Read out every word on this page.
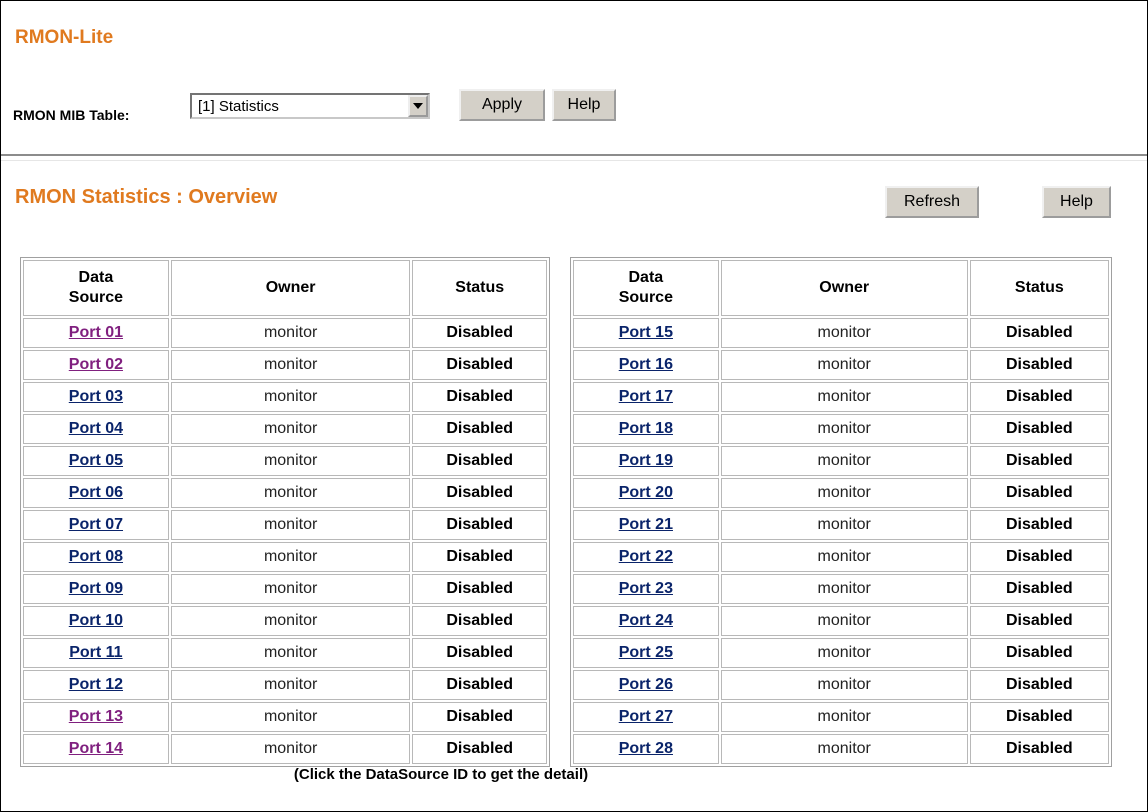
RMON-Lite
RMON MIB Table:	[1] Statistics	Apply	Help
RMON Statistics : Overview	Refresh	Help
Data Source	Owner	Status
Port 01	monitor	Disabled
Port 02	monitor	Disabled
Port 03	monitor	Disabled
Port 04	monitor	Disabled
Port 05	monitor	Disabled
Port 06	monitor	Disabled
Port 07	monitor	Disabled
Port 08	monitor	Disabled
Port 09	monitor	Disabled
Port 10	monitor	Disabled
Port 11	monitor	Disabled
Port 12	monitor	Disabled
Port 13	monitor	Disabled
Port 14	monitor	Disabled
Data Source	Owner	Status
Port 15	monitor	Disabled
Port 16	monitor	Disabled
Port 17	monitor	Disabled
Port 18	monitor	Disabled
Port 19	monitor	Disabled
Port 20	monitor	Disabled
Port 21	monitor	Disabled
Port 22	monitor	Disabled
Port 23	monitor	Disabled
Port 24	monitor	Disabled
Port 25	monitor	Disabled
Port 26	monitor	Disabled
Port 27	monitor	Disabled
Port 28	monitor	Disabled
(Click the DataSource ID to get the detail)
